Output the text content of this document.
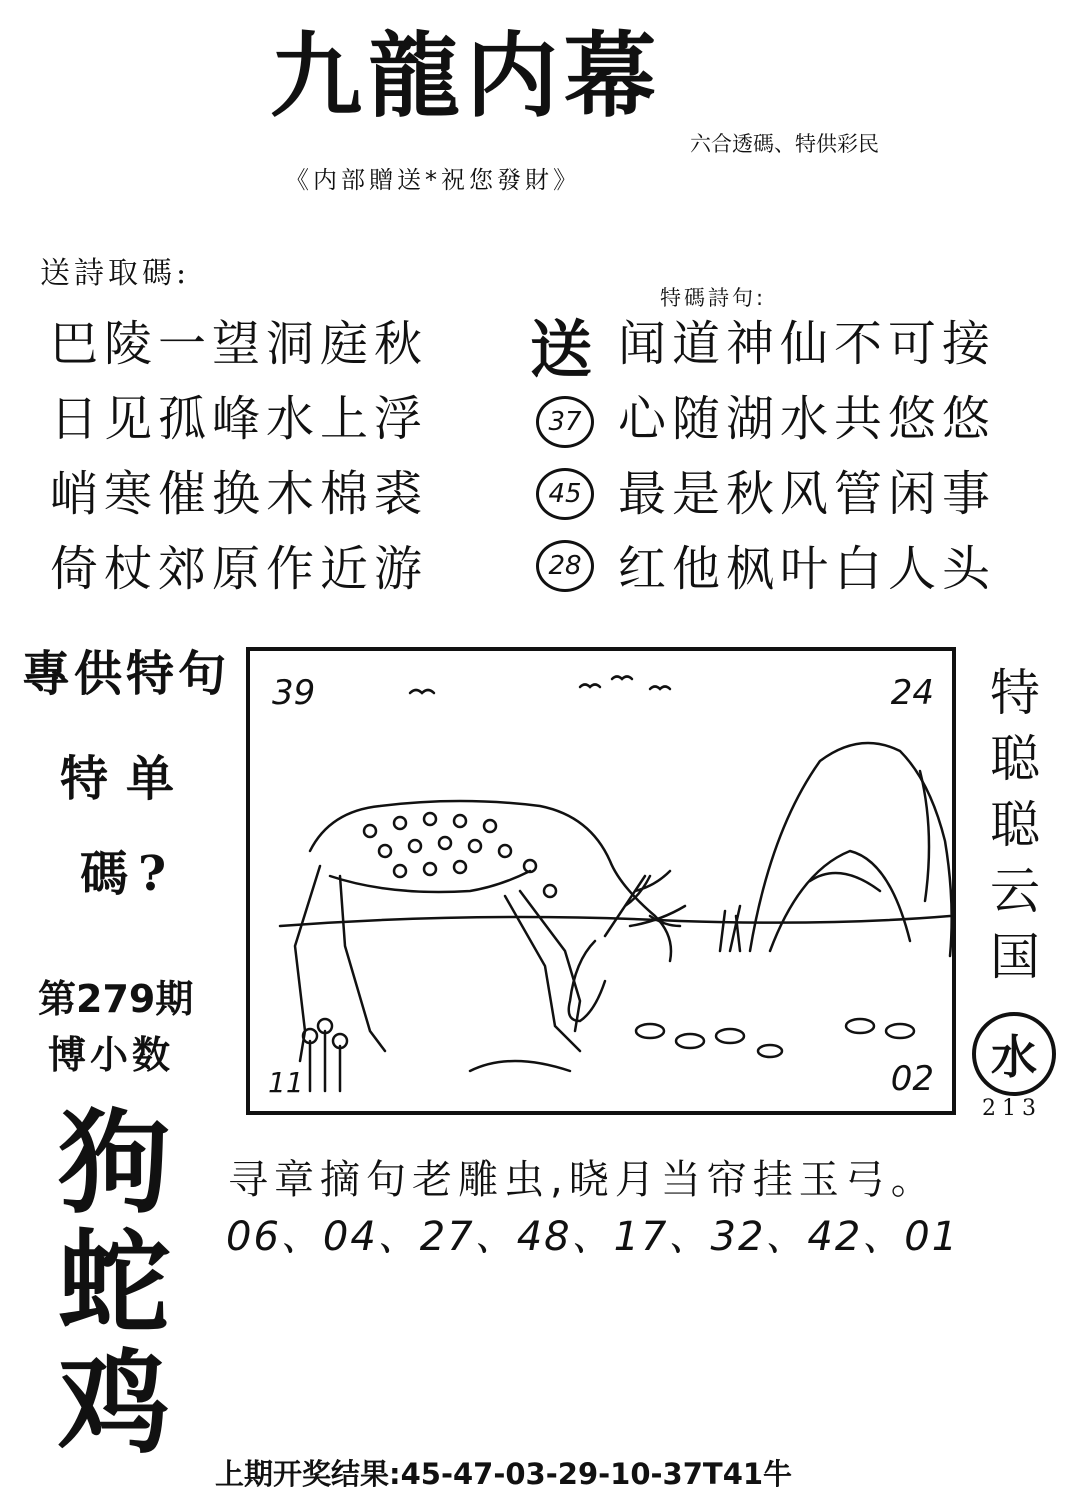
九龍内幕
六合透碼、特供彩民
《内部贈送*祝您發財》
送詩取碼:
巴陵一望洞庭秋
日见孤峰水上浮
峭寒催换木棉裘
倚杖郊原作近游
特碼詩句:
送 闻道神仙不可接
37 心随湖水共悠悠
45 最是秋风管闲事
28 红他枫叶白人头
專供特句
特单
碼?
第279期
博小数
狗
蛇
鸡
39	24
11	02
特
聪
聪
云
国
水
213
寻章摘句老雕虫,晓月当帘挂玉弓。
06、04、27、48、17、32、42、01
上期开奖结果:45-47-03-29-10-37T41牛
